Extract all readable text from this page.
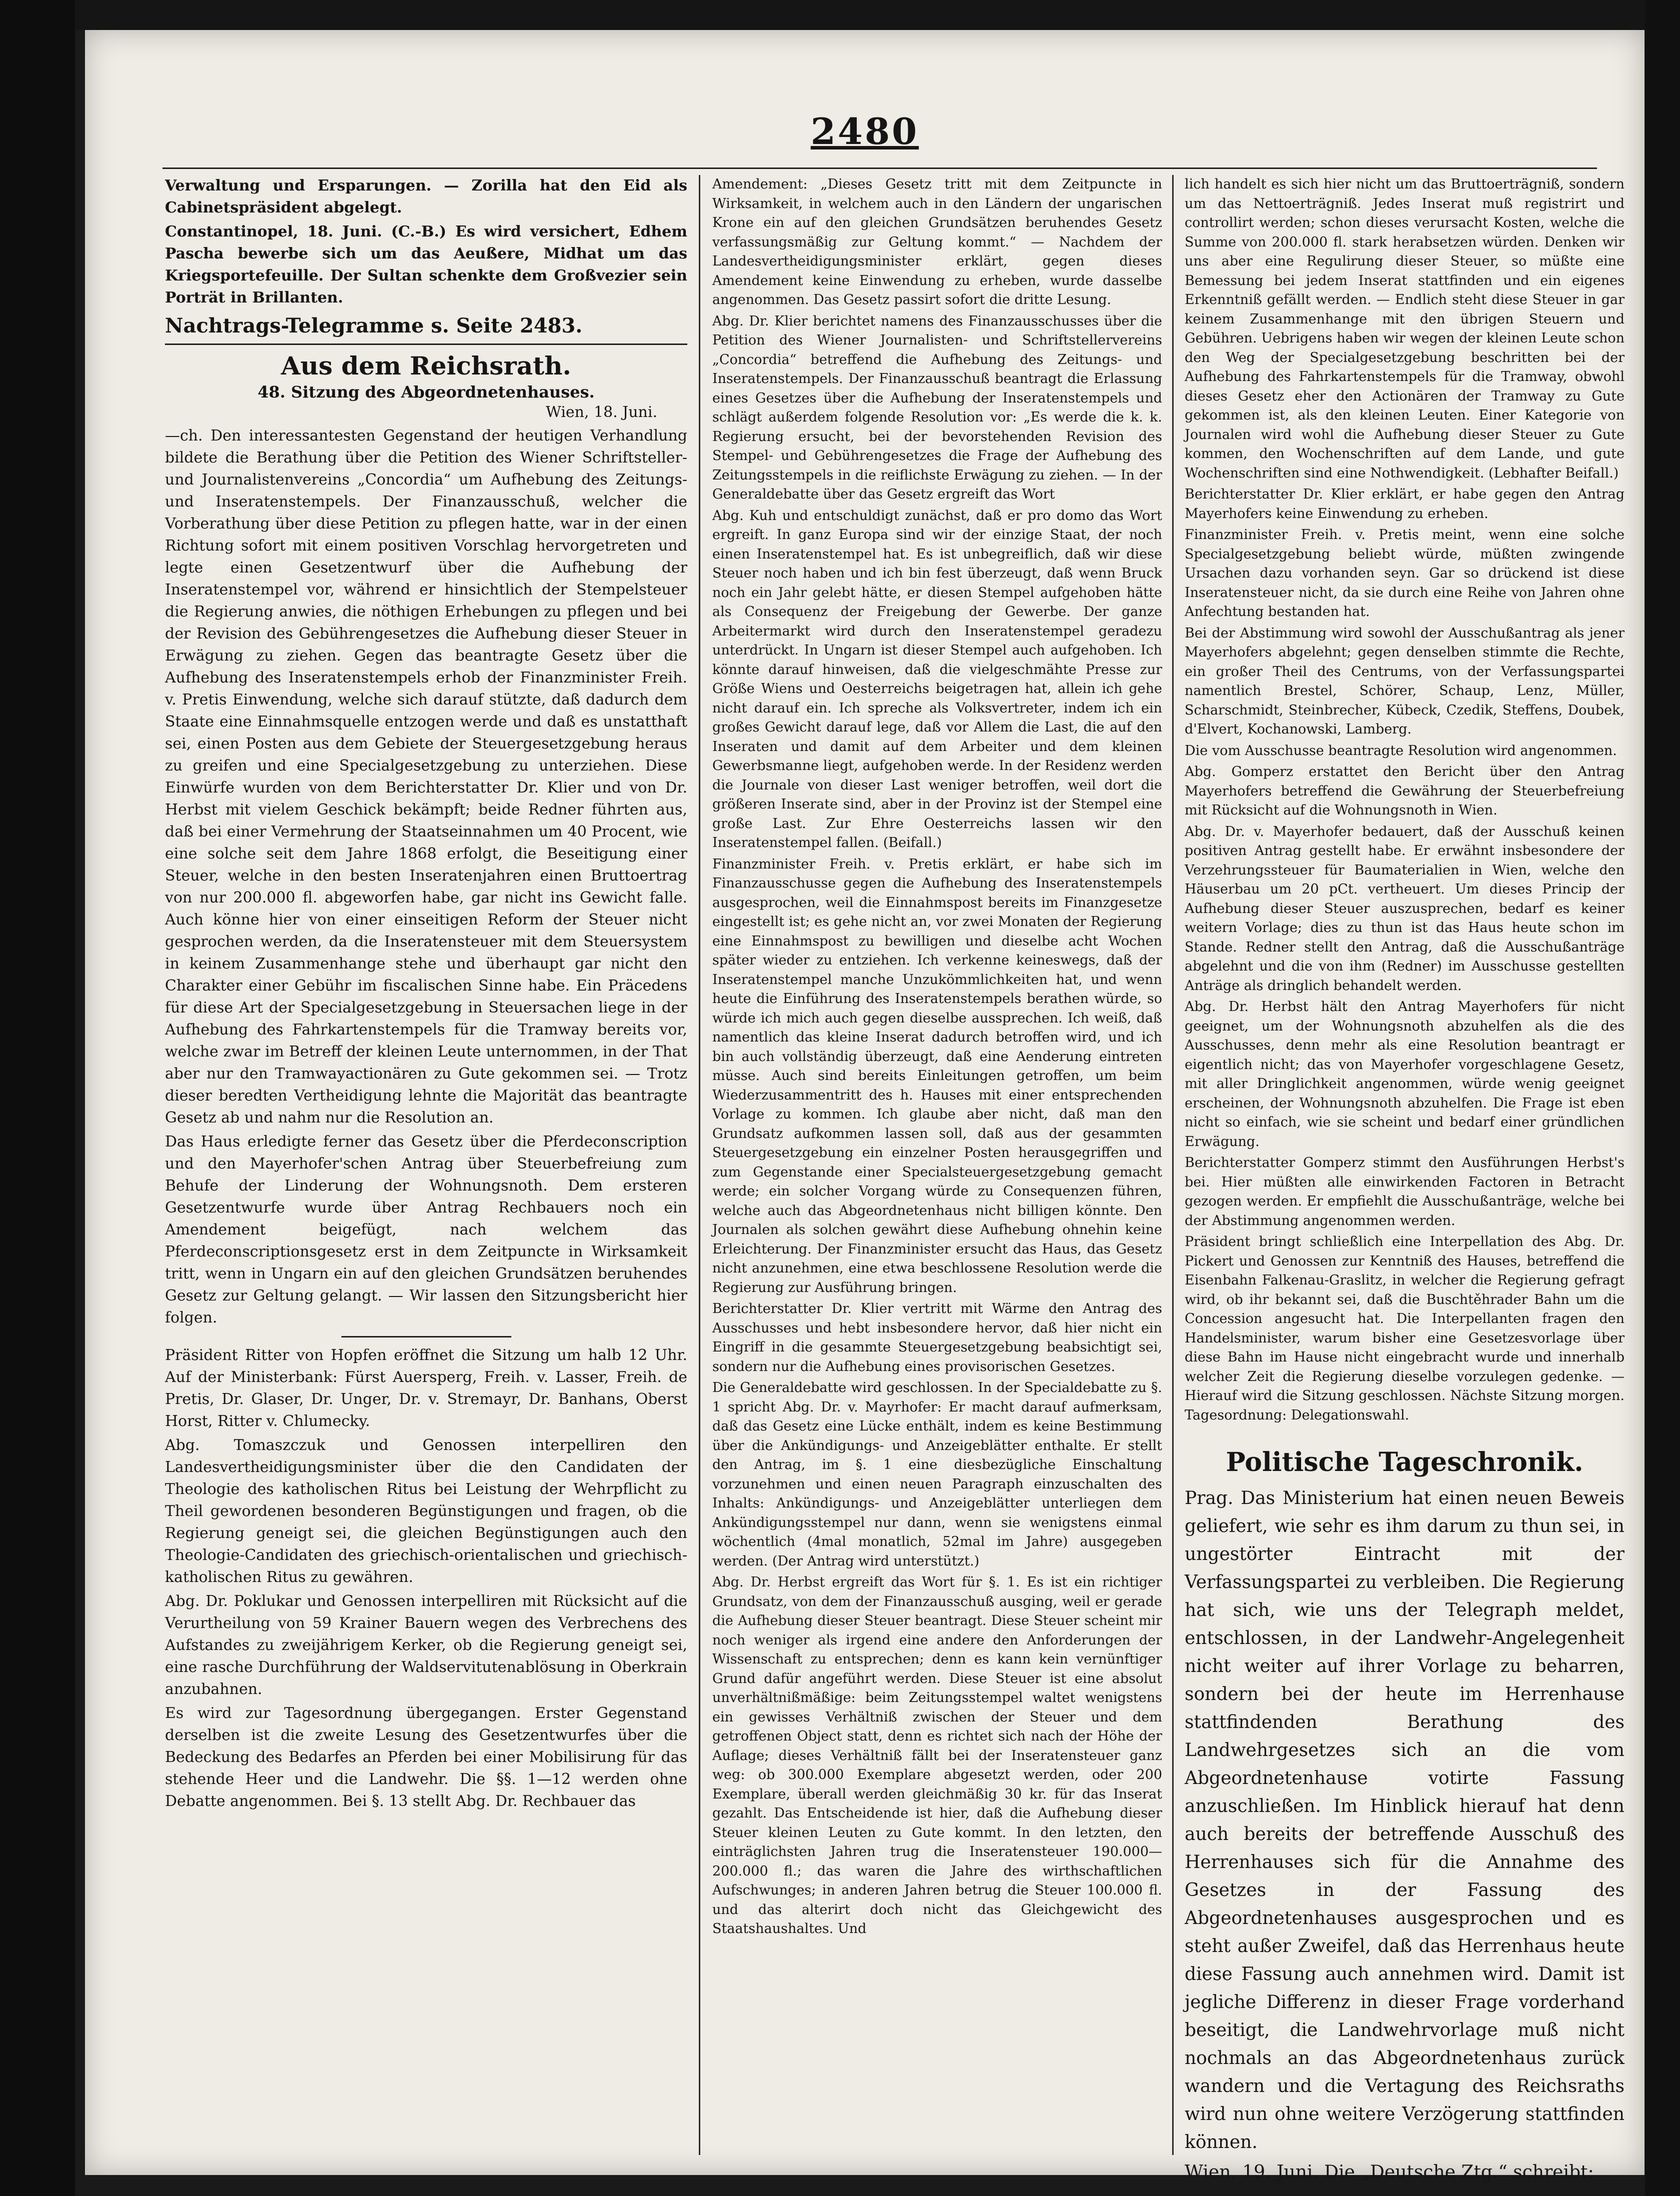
2480

Verwaltung und Ersparungen. — Zorilla hat den Eid als Cabinetspräsident abgelegt.

Constantinopel, 18. Juni. (C.-B.) Es wird versichert, Edhem Pascha bewerbe sich um das Aeußere, Midhat um das Kriegsportefeuille. Der Sultan schenkte dem Großvezier sein Porträt in Brillanten.

Nachtrags-Telegramme s. Seite 2483.
Aus dem Reichsrath.
48. Sitzung des Abgeordnetenhauses.
Wien, 18. Juni.

—ch. Den interessantesten Gegenstand der heutigen Verhandlung bildete die Berathung über die Petition des Wiener Schriftsteller- und Journalistenvereins „Concordia“ um Aufhebung des Zeitungs- und Inseratenstempels. Der Finanzausschuß, welcher die Vorberathung über diese Petition zu pflegen hatte, war in der einen Richtung sofort mit einem positiven Vorschlag hervorgetreten und legte einen Gesetzentwurf über die Aufhebung der Inseratenstempel vor, während er hinsichtlich der Stempelsteuer die Regierung anwies, die nöthigen Erhebungen zu pflegen und bei der Revision des Gebührengesetzes die Aufhebung dieser Steuer in Erwägung zu ziehen. Gegen das beantragte Gesetz über die Aufhebung des Inseratenstempels erhob der Finanzminister Freih. v. Pretis Einwendung, welche sich darauf stützte, daß dadurch dem Staate eine Einnahmsquelle entzogen werde und daß es unstatthaft sei, einen Posten aus dem Gebiete der Steuergesetzgebung heraus zu greifen und eine Specialgesetzgebung zu unterziehen. Diese Einwürfe wurden von dem Berichterstatter Dr. Klier und von Dr. Herbst mit vielem Geschick bekämpft; beide Redner führten aus, daß bei einer Vermehrung der Staatseinnahmen um 40 Procent, wie eine solche seit dem Jahre 1868 erfolgt, die Beseitigung einer Steuer, welche in den besten Inseratenjahren einen Bruttoertrag von nur 200.000 fl. abgeworfen habe, gar nicht ins Gewicht falle. Auch könne hier von einer einseitigen Reform der Steuer nicht gesprochen werden, da die Inseratensteuer mit dem Steuersystem in keinem Zusammenhange stehe und überhaupt gar nicht den Charakter einer Gebühr im fiscalischen Sinne habe. Ein Präcedens für diese Art der Specialgesetzgebung in Steuersachen liege in der Aufhebung des Fahrkartenstempels für die Tramway bereits vor, welche zwar im Betreff der kleinen Leute unternommen, in der That aber nur den Tramwayactionären zu Gute gekommen sei. — Trotz dieser beredten Vertheidigung lehnte die Majorität das beantragte Gesetz ab und nahm nur die Resolution an.

Das Haus erledigte ferner das Gesetz über die Pferdeconscription und den Mayerhofer'schen Antrag über Steuerbefreiung zum Behufe der Linderung der Wohnungsnoth. Dem ersteren Gesetzentwurfe wurde über Antrag Rechbauers noch ein Amendement beigefügt, nach welchem das Pferdeconscriptionsgesetz erst in dem Zeitpuncte in Wirksamkeit tritt, wenn in Ungarn ein auf den gleichen Grundsätzen beruhendes Gesetz zur Geltung gelangt. — Wir lassen den Sitzungsbericht hier folgen.

Präsident Ritter von Hopfen eröffnet die Sitzung um halb 12 Uhr. Auf der Ministerbank: Fürst Auersperg, Freih. v. Lasser, Freih. de Pretis, Dr. Glaser, Dr. Unger, Dr. v. Stremayr, Dr. Banhans, Oberst Horst, Ritter v. Chlumecky.

Abg. Tomaszczuk und Genossen interpelliren den Landesvertheidigungsminister über die den Candidaten der Theologie des katholischen Ritus bei Leistung der Wehrpflicht zu Theil gewordenen besonderen Begünstigungen und fragen, ob die Regierung geneigt sei, die gleichen Begünstigungen auch den Theologie-Candidaten des griechisch-orientalischen und griechisch-katholischen Ritus zu gewähren.

Abg. Dr. Poklukar und Genossen interpelliren mit Rücksicht auf die Verurtheilung von 59 Krainer Bauern wegen des Verbrechens des Aufstandes zu zweijährigem Kerker, ob die Regierung geneigt sei, eine rasche Durchführung der Waldservitutenablösung in Oberkrain anzubahnen.

Es wird zur Tagesordnung übergegangen. Erster Gegenstand derselben ist die zweite Lesung des Gesetzentwurfes über die Bedeckung des Bedarfes an Pferden bei einer Mobilisirung für das stehende Heer und die Landwehr. Die §§. 1—12 werden ohne Debatte angenommen. Bei §. 13 stellt Abg. Dr. Rechbauer das

Amendement: „Dieses Gesetz tritt mit dem Zeitpuncte in Wirksamkeit, in welchem auch in den Ländern der ungarischen Krone ein auf den gleichen Grundsätzen beruhendes Gesetz verfassungsmäßig zur Geltung kommt.“ — Nachdem der Landesvertheidigungsminister erklärt, gegen dieses Amendement keine Einwendung zu erheben, wurde dasselbe angenommen. Das Gesetz passirt sofort die dritte Lesung.

Abg. Dr. Klier berichtet namens des Finanzausschusses über die Petition des Wiener Journalisten- und Schriftstellervereins „Concordia“ betreffend die Aufhebung des Zeitungs- und Inseratenstempels. Der Finanzausschuß beantragt die Erlassung eines Gesetzes über die Aufhebung der Inseratenstempels und schlägt außerdem folgende Resolution vor: „Es werde die k. k. Regierung ersucht, bei der bevorstehenden Revision des Stempel- und Gebührengesetzes die Frage der Aufhebung des Zeitungsstempels in die reiflichste Erwägung zu ziehen. — In der Generaldebatte über das Gesetz ergreift das Wort

Abg. Kuh und entschuldigt zunächst, daß er pro domo das Wort ergreift. In ganz Europa sind wir der einzige Staat, der noch einen Inseratenstempel hat. Es ist unbegreiflich, daß wir diese Steuer noch haben und ich bin fest überzeugt, daß wenn Bruck noch ein Jahr gelebt hätte, er diesen Stempel aufgehoben hätte als Consequenz der Freigebung der Gewerbe. Der ganze Arbeitermarkt wird durch den Inseratenstempel geradezu unterdrückt. In Ungarn ist dieser Stempel auch aufgehoben. Ich könnte darauf hinweisen, daß die vielgeschmähte Presse zur Größe Wiens und Oesterreichs beigetragen hat, allein ich gehe nicht darauf ein. Ich spreche als Volksvertreter, indem ich ein großes Gewicht darauf lege, daß vor Allem die Last, die auf den Inseraten und damit auf dem Arbeiter und dem kleinen Gewerbsmanne liegt, aufgehoben werde. In der Residenz werden die Journale von dieser Last weniger betroffen, weil dort die größeren Inserate sind, aber in der Provinz ist der Stempel eine große Last. Zur Ehre Oesterreichs lassen wir den Inseratenstempel fallen. (Beifall.)

Finanzminister Freih. v. Pretis erklärt, er habe sich im Finanzausschusse gegen die Aufhebung des Inseratenstempels ausgesprochen, weil die Einnahmspost bereits im Finanzgesetze eingestellt ist; es gehe nicht an, vor zwei Monaten der Regierung eine Einnahmspost zu bewilligen und dieselbe acht Wochen später wieder zu entziehen. Ich verkenne keineswegs, daß der Inseratenstempel manche Unzukömmlichkeiten hat, und wenn heute die Einführung des Inseratenstempels berathen würde, so würde ich mich auch gegen dieselbe aussprechen. Ich weiß, daß namentlich das kleine Inserat dadurch betroffen wird, und ich bin auch vollständig überzeugt, daß eine Aenderung eintreten müsse. Auch sind bereits Einleitungen getroffen, um beim Wiederzusammentritt des h. Hauses mit einer entsprechenden Vorlage zu kommen. Ich glaube aber nicht, daß man den Grundsatz aufkommen lassen soll, daß aus der gesammten Steuergesetzgebung ein einzelner Posten herausgegriffen und zum Gegenstande einer Specialsteuergesetzgebung gemacht werde; ein solcher Vorgang würde zu Consequenzen führen, welche auch das Abgeordnetenhaus nicht billigen könnte. Den Journalen als solchen gewährt diese Aufhebung ohnehin keine Erleichterung. Der Finanzminister ersucht das Haus, das Gesetz nicht anzunehmen, eine etwa beschlossene Resolution werde die Regierung zur Ausführung bringen.

Berichterstatter Dr. Klier vertritt mit Wärme den Antrag des Ausschusses und hebt insbesondere hervor, daß hier nicht ein Eingriff in die gesammte Steuergesetzgebung beabsichtigt sei, sondern nur die Aufhebung eines provisorischen Gesetzes.

Die Generaldebatte wird geschlossen. In der Specialdebatte zu §. 1 spricht Abg. Dr. v. Mayrhofer: Er macht darauf aufmerksam, daß das Gesetz eine Lücke enthält, indem es keine Bestimmung über die Ankündigungs- und Anzeigeblätter enthalte. Er stellt den Antrag, im §. 1 eine diesbezügliche Einschaltung vorzunehmen und einen neuen Paragraph einzuschalten des Inhalts: Ankündigungs- und Anzeigeblätter unterliegen dem Ankündigungsstempel nur dann, wenn sie wenigstens einmal wöchentlich (4mal monatlich, 52mal im Jahre) ausgegeben werden. (Der Antrag wird unterstützt.)

Abg. Dr. Herbst ergreift das Wort für §. 1. Es ist ein richtiger Grundsatz, von dem der Finanzausschuß ausging, weil er gerade die Aufhebung dieser Steuer beantragt. Diese Steuer scheint mir noch weniger als irgend eine andere den Anforderungen der Wissenschaft zu entsprechen; denn es kann kein vernünftiger Grund dafür angeführt werden. Diese Steuer ist eine absolut unverhältnißmäßige: beim Zeitungsstempel waltet wenigstens ein gewisses Verhältniß zwischen der Steuer und dem getroffenen Object statt, denn es richtet sich nach der Höhe der Auflage; dieses Verhältniß fällt bei der Inseratensteuer ganz weg: ob 300.000 Exemplare abgesetzt werden, oder 200 Exemplare, überall werden gleichmäßig 30 kr. für das Inserat gezahlt. Das Entscheidende ist hier, daß die Aufhebung dieser Steuer kleinen Leuten zu Gute kommt. In den letzten, den einträglichsten Jahren trug die Inseratensteuer 190.000—200.000 fl.; das waren die Jahre des wirthschaftlichen Aufschwunges; in anderen Jahren betrug die Steuer 100.000 fl. und das alterirt doch nicht das Gleichgewicht des Staatshaushaltes. Und

lich handelt es sich hier nicht um das Bruttoerträgniß, sondern um das Nettoerträgniß. Jedes Inserat muß registrirt und controllirt werden; schon dieses verursacht Kosten, welche die Summe von 200.000 fl. stark herabsetzen würden. Denken wir uns aber eine Regulirung dieser Steuer, so müßte eine Bemessung bei jedem Inserat stattfinden und ein eigenes Erkenntniß gefällt werden. — Endlich steht diese Steuer in gar keinem Zusammenhange mit den übrigen Steuern und Gebühren. Uebrigens haben wir wegen der kleinen Leute schon den Weg der Specialgesetzgebung beschritten bei der Aufhebung des Fahrkartenstempels für die Tramway, obwohl dieses Gesetz eher den Actionären der Tramway zu Gute gekommen ist, als den kleinen Leuten. Einer Kategorie von Journalen wird wohl die Aufhebung dieser Steuer zu Gute kommen, den Wochenschriften auf dem Lande, und gute Wochenschriften sind eine Nothwendigkeit. (Lebhafter Beifall.)

Berichterstatter Dr. Klier erklärt, er habe gegen den Antrag Mayerhofers keine Einwendung zu erheben.

Finanzminister Freih. v. Pretis meint, wenn eine solche Specialgesetzgebung beliebt würde, müßten zwingende Ursachen dazu vorhanden seyn. Gar so drückend ist diese Inseratensteuer nicht, da sie durch eine Reihe von Jahren ohne Anfechtung bestanden hat.

Bei der Abstimmung wird sowohl der Ausschußantrag als jener Mayerhofers abgelehnt; gegen denselben stimmte die Rechte, ein großer Theil des Centrums, von der Verfassungspartei namentlich Brestel, Schörer, Schaup, Lenz, Müller, Scharschmidt, Steinbrecher, Kübeck, Czedik, Steffens, Doubek, d'Elvert, Kochanowski, Lamberg.

Die vom Ausschusse beantragte Resolution wird angenommen.

Abg. Gomperz erstattet den Bericht über den Antrag Mayerhofers betreffend die Gewährung der Steuerbefreiung mit Rücksicht auf die Wohnungsnoth in Wien.

Abg. Dr. v. Mayerhofer bedauert, daß der Ausschuß keinen positiven Antrag gestellt habe. Er erwähnt insbesondere der Verzehrungssteuer für Baumaterialien in Wien, welche den Häuserbau um 20 pCt. vertheuert. Um dieses Princip der Aufhebung dieser Steuer auszusprechen, bedarf es keiner weitern Vorlage; dies zu thun ist das Haus heute schon im Stande. Redner stellt den Antrag, daß die Ausschußanträge abgelehnt und die von ihm (Redner) im Ausschusse gestellten Anträge als dringlich behandelt werden.

Abg. Dr. Herbst hält den Antrag Mayerhofers für nicht geeignet, um der Wohnungsnoth abzuhelfen als die des Ausschusses, denn mehr als eine Resolution beantragt er eigentlich nicht; das von Mayerhofer vorgeschlagene Gesetz, mit aller Dringlichkeit angenommen, würde wenig geeignet erscheinen, der Wohnungsnoth abzuhelfen. Die Frage ist eben nicht so einfach, wie sie scheint und bedarf einer gründlichen Erwägung.

Berichterstatter Gomperz stimmt den Ausführungen Herbst's bei. Hier müßten alle einwirkenden Factoren in Betracht gezogen werden. Er empfiehlt die Ausschußanträge, welche bei der Abstimmung angenommen werden.

Präsident bringt schließlich eine Interpellation des Abg. Dr. Pickert und Genossen zur Kenntniß des Hauses, betreffend die Eisenbahn Falkenau-Graslitz, in welcher die Regierung gefragt wird, ob ihr bekannt sei, daß die Buschtěhrader Bahn um die Concession angesucht hat. Die Interpellanten fragen den Handelsminister, warum bisher eine Gesetzesvorlage über diese Bahn im Hause nicht eingebracht wurde und innerhalb welcher Zeit die Regierung dieselbe vorzulegen gedenke. — Hierauf wird die Sitzung geschlossen. Nächste Sitzung morgen. Tagesordnung: Delegationswahl.

Politische Tageschronik.

Prag. Das Ministerium hat einen neuen Beweis geliefert, wie sehr es ihm darum zu thun sei, in ungestörter Eintracht mit der Verfassungspartei zu verbleiben. Die Regierung hat sich, wie uns der Telegraph meldet, entschlossen, in der Landwehr-Angelegenheit nicht weiter auf ihrer Vorlage zu beharren, sondern bei der heute im Herrenhause stattfindenden Berathung des Landwehrgesetzes sich an die vom Abgeordnetenhause votirte Fassung anzuschließen. Im Hinblick hierauf hat denn auch bereits der betreffende Ausschuß des Herrenhauses sich für die Annahme des Gesetzes in der Fassung des Abgeordnetenhauses ausgesprochen und es steht außer Zweifel, daß das Herrenhaus heute diese Fassung auch annehmen wird. Damit ist jegliche Differenz in dieser Frage vorderhand beseitigt, die Landwehrvorlage muß nicht nochmals an das Abgeordnetenhaus zurück wandern und die Vertagung des Reichsraths wird nun ohne weitere Verzögerung stattfinden können.

Wien, 19. Juni. Die „Deutsche Ztg.“ schreibt:
